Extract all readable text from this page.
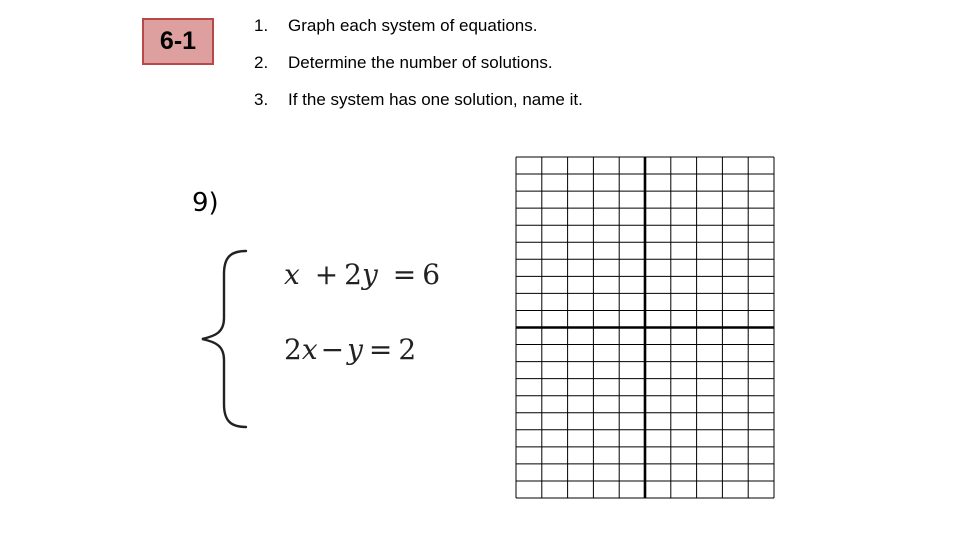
6-1
1. Graph each system of equations.
2. Determine the number of solutions.
3. If the system has one solution, name it.
9)
x + 2y = 6
2x − y = 2
